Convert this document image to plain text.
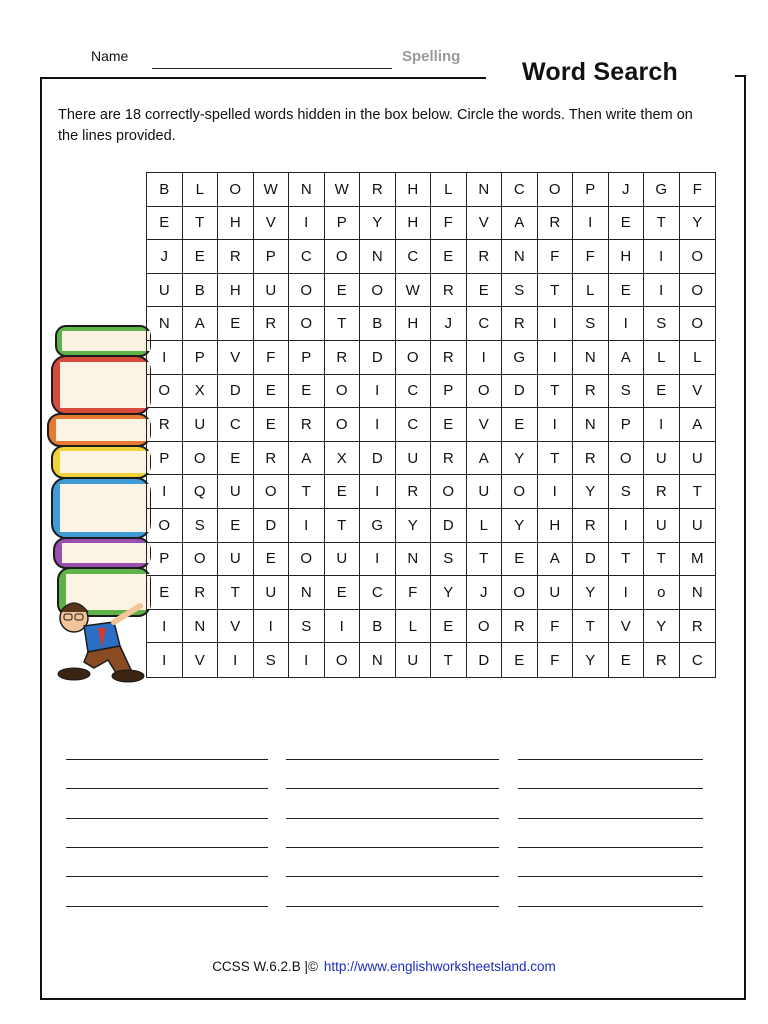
Name	Spelling
Word Search

There are 18 correctly-spelled words hidden in the box below. Circle the words. Then write them on the lines provided.

B	L	O	W	N	W	R	H	L	N	C	O	P	J	G	F
E	T	H	V	I	P	Y	H	F	V	A	R	I	E	T	Y
J	E	R	P	C	O	N	C	E	R	N	F	F	H	I	O
U	B	H	U	O	E	O	W	R	E	S	T	L	E	I	O
N	A	E	R	O	T	B	H	J	C	R	I	S	I	S	O
I	P	V	F	P	R	D	O	R	I	G	I	N	A	L	L
O	X	D	E	E	O	I	C	P	O	D	T	R	S	E	V
R	U	C	E	R	O	I	C	E	V	E	I	N	P	I	A
P	O	E	R	A	X	D	U	R	A	Y	T	R	O	U	U
I	Q	U	O	T	E	I	R	O	U	O	I	Y	S	R	T
O	S	E	D	I	T	G	Y	D	L	Y	H	R	I	U	U
P	O	U	E	O	U	I	N	S	T	E	A	D	T	T	M
E	R	T	U	N	E	C	F	Y	J	O	U	Y	I	o	N
I	N	V	I	S	I	B	L	E	O	R	F	T	V	Y	R
I	V	I	S	I	O	N	U	T	D	E	F	Y	E	R	C
CCSS W.6.2.B |© http://www.englishworksheetsland.com
